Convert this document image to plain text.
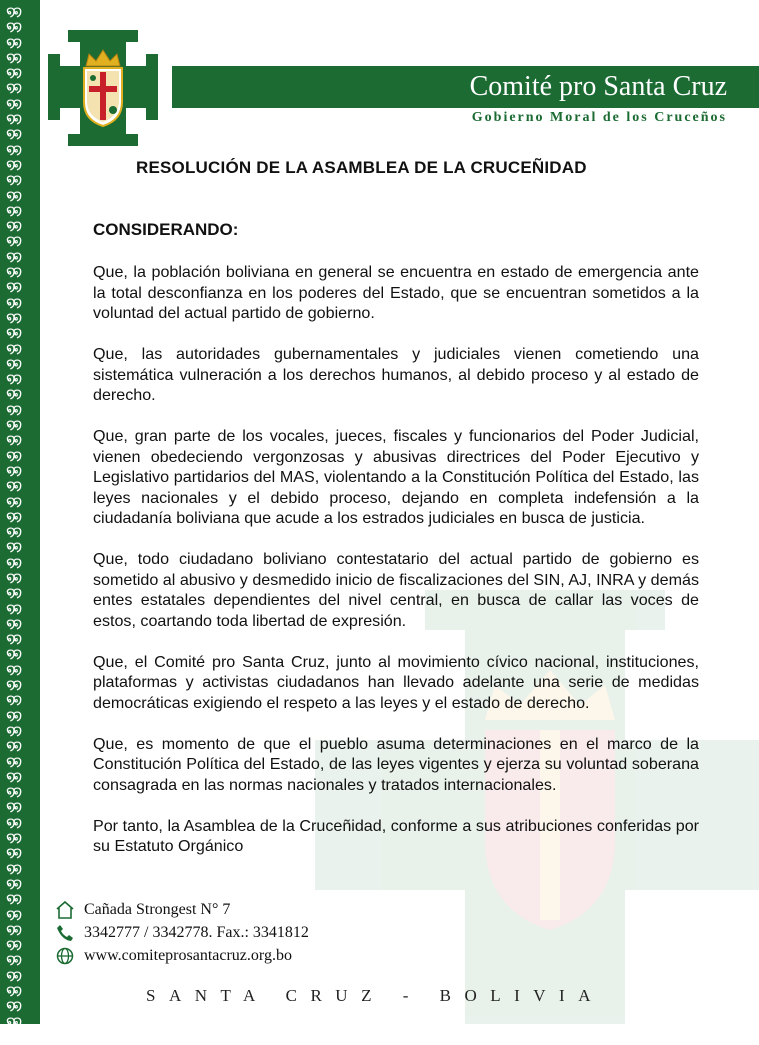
໑໑
໑໑
໑໑
໑໑
໑໑
໑໑
໑໑
໑໑
໑໑
໑໑
໑໑
໑໑
໑໑
໑໑
໑໑
໑໑
໑໑
໑໑
໑໑
໑໑
໑໑
໑໑
໑໑
໑໑
໑໑
໑໑
໑໑
໑໑
໑໑
໑໑
໑໑
໑໑
໑໑
໑໑
໑໑
໑໑
໑໑
໑໑
໑໑
໑໑
໑໑
໑໑
໑໑
໑໑
໑໑
໑໑
໑໑
໑໑
໑໑
໑໑
໑໑
໑໑
໑໑
໑໑
໑໑
໑໑
໑໑
໑໑
໑໑
໑໑
໑໑
໑໑
໑໑
໑໑
໑໑
໑໑
໑໑
໑໑
Comité pro Santa Cruz
Gobierno Moral de los Cruceños
RESOLUCIÓN DE LA ASAMBLEA DE LA CRUCEÑIDAD
CONSIDERANDO:

Que, la población boliviana en general se encuentra en estado de emergencia ante la total desconfianza en los poderes del Estado, que se encuentran sometidos a la voluntad del actual partido de gobierno.

Que, las autoridades gubernamentales y judiciales vienen cometiendo una sistemática vulneración a los derechos humanos, al debido proceso y al estado de derecho.

Que, gran parte de los vocales, jueces, fiscales y funcionarios del Poder Judicial, vienen obedeciendo vergonzosas y abusivas directrices del Poder Ejecutivo y Legislativo partidarios del MAS, violentando a la Constitución Política del Estado, las leyes nacionales y el debido proceso, dejando en completa indefensión a la ciudadanía boliviana que acude a los estrados judiciales en busca de justicia.

Que, todo ciudadano boliviano contestatario del actual partido de gobierno es sometido al abusivo y desmedido inicio de fiscalizaciones del SIN, AJ, INRA y demás entes estatales dependientes del nivel central, en busca de callar las voces de estos, coartando toda libertad de expresión.

Que, el Comité pro Santa Cruz, junto al movimiento cívico nacional, instituciones, plataformas y activistas ciudadanos han llevado adelante una serie de medidas democráticas exigiendo el respeto a las leyes y el estado de derecho.

Que, es momento de que el pueblo asuma determinaciones en el marco de la Constitución Política del Estado, de las leyes vigentes y ejerza su voluntad soberana consagrada en las normas nacionales y tratados internacionales.

Por tanto, la Asamblea de la Cruceñidad, conforme a sus atribuciones conferidas por su Estatuto Orgánico

Cañada Strongest N° 7
3342777 / 3342778. Fax.: 3341812
www.comiteprosantacruz.org.bo
SANTA CRUZ - BOLIVIA
